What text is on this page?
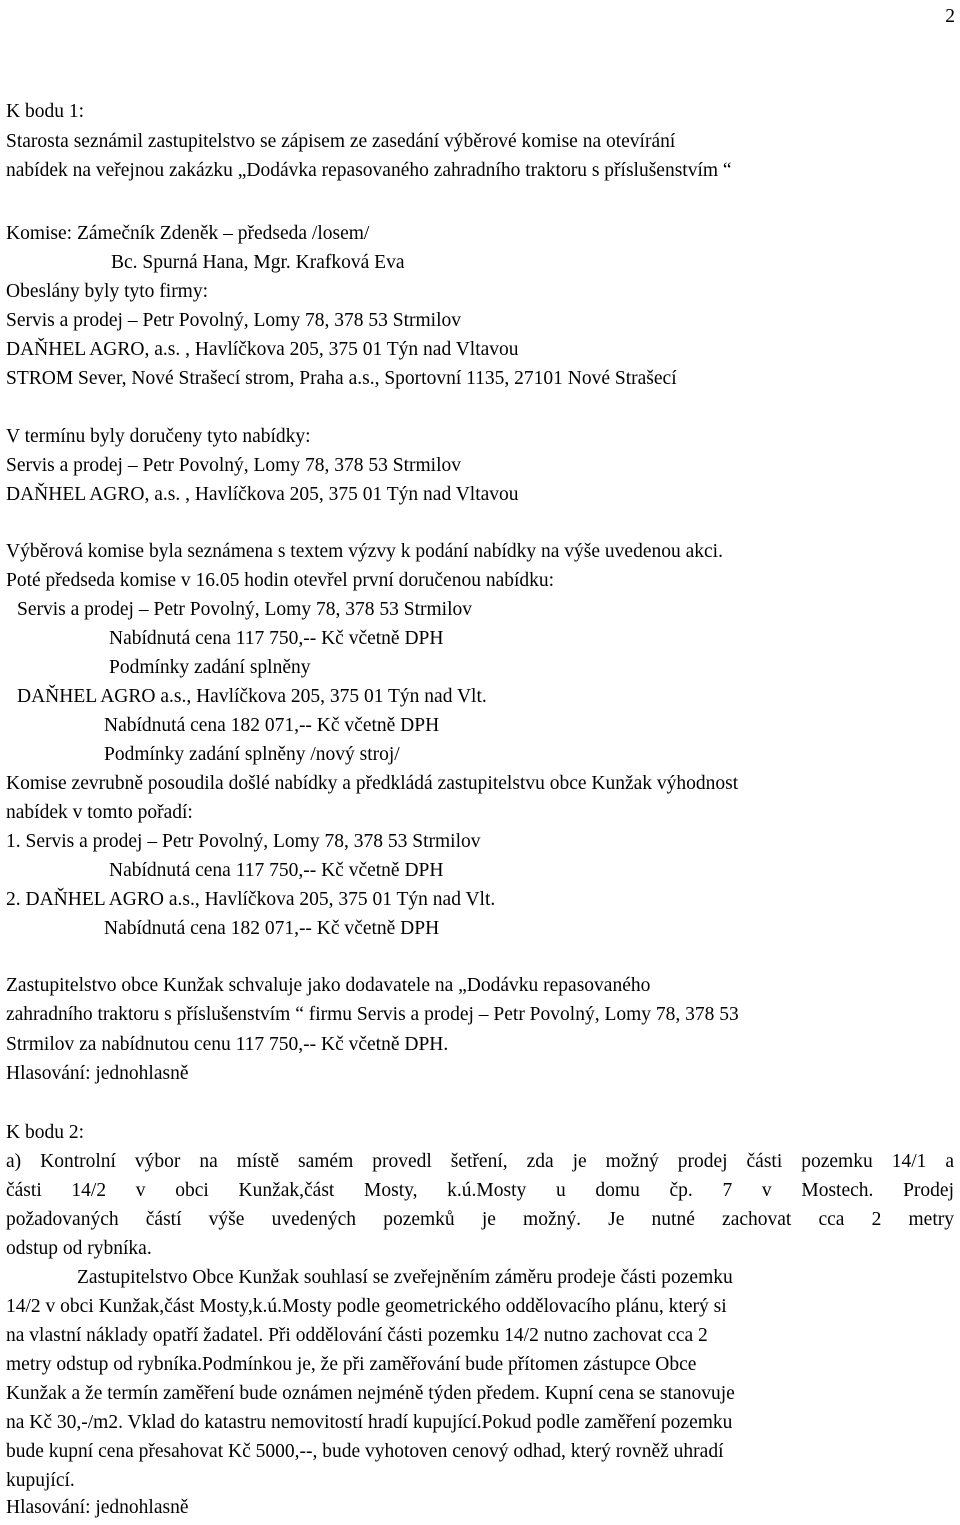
2
K bodu 1:
Starosta seznámil zastupitelstvo se zápisem ze zasedání výběrové komise na otevírání
nabídek na veřejnou zakázku „Dodávka repasovaného zahradního traktoru s příslušenstvím “
Komise: Zámečník Zdeněk – předseda /losem/
Bc. Spurná Hana, Mgr. Krafková Eva
Obeslány byly tyto firmy:
Servis a prodej – Petr Povolný, Lomy 78, 378 53 Strmilov
DAŇHEL AGRO, a.s. , Havlíčkova 205, 375 01 Týn nad Vltavou
STROM Sever, Nové Strašecí strom, Praha a.s., Sportovní 1135, 27101 Nové Strašecí
V termínu byly doručeny tyto nabídky:
Servis a prodej – Petr Povolný, Lomy 78, 378 53 Strmilov
DAŇHEL AGRO, a.s. , Havlíčkova 205, 375 01 Týn nad Vltavou
Výběrová komise byla seznámena s textem výzvy k podání nabídky na výše uvedenou akci.
Poté předseda komise v 16.05 hodin otevřel první doručenou nabídku:
Servis a prodej – Petr Povolný, Lomy 78, 378 53 Strmilov
Nabídnutá cena 117 750,-- Kč včetně DPH
Podmínky zadání splněny
DAŇHEL AGRO a.s., Havlíčkova 205, 375 01 Týn nad Vlt.
Nabídnutá cena 182 071,-- Kč včetně DPH
Podmínky zadání splněny /nový stroj/
Komise zevrubně posoudila došlé nabídky a předkládá zastupitelstvu obce Kunžak výhodnost
nabídek v tomto pořadí:
1. Servis a prodej – Petr Povolný, Lomy 78, 378 53 Strmilov
Nabídnutá cena 117 750,-- Kč včetně DPH
2. DAŇHEL AGRO a.s., Havlíčkova 205, 375 01 Týn nad Vlt.
Nabídnutá cena 182 071,-- Kč včetně DPH
Zastupitelstvo obce Kunžak schvaluje jako dodavatele na „Dodávku repasovaného
zahradního traktoru s příslušenstvím “ firmu Servis a prodej – Petr Povolný, Lomy 78, 378 53
Strmilov za nabídnutou cenu 117 750,-- Kč včetně DPH.
Hlasování: jednohlasně
K bodu 2:
a) Kontrolní výbor na místě samém provedl šetření, zda je možný prodej části pozemku 14/1 a
části 14/2 v obci Kunžak,část Mosty, k.ú.Mosty u domu čp. 7 v Mostech. Prodej
požadovaných částí výše uvedených pozemků je možný. Je nutné zachovat cca 2 metry
odstup od rybníka.
Zastupitelstvo Obce Kunžak souhlasí se zveřejněním záměru prodeje části pozemku
14/2 v obci Kunžak,část Mosty,k.ú.Mosty podle geometrického oddělovacího plánu, který si
na vlastní náklady opatří žadatel. Při oddělování části pozemku 14/2 nutno zachovat cca 2
metry odstup od rybníka.Podmínkou je, že při zaměřování bude přítomen zástupce Obce
Kunžak a že termín zaměření bude oznámen nejméně týden předem. Kupní cena se stanovuje
na Kč 30,-/m2. Vklad do katastru nemovitostí hradí kupující.Pokud podle zaměření pozemku
bude kupní cena přesahovat Kč 5000,--, bude vyhotoven cenový odhad, který rovněž uhradí
kupující.
Hlasování: jednohlasně
